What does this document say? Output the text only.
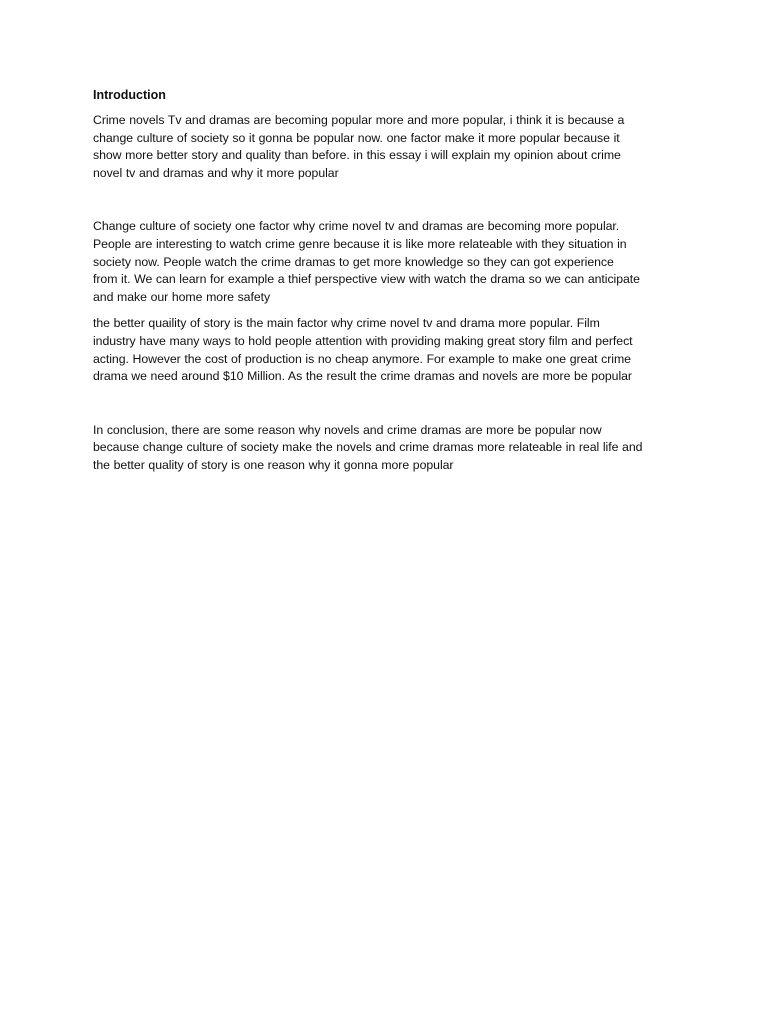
Introduction

Crime novels Tv and dramas are becoming popular more and more popular, i think it is because a
change culture of society so it gonna be popular now. one factor make it more popular because it
show more better story and quality than before. in this essay i will explain my opinion about crime
novel tv and dramas and why it more popular

Change culture of society one factor why crime novel tv and dramas are becoming more popular.
People are interesting to watch crime genre because it is like more relateable with they situation in
society now. People watch the crime dramas to get more knowledge so they can got experience
from it. We can learn for example a thief perspective view with watch the drama so we can anticipate
and make our home more safety

the better quaility of story is the main factor why crime novel tv and drama more popular. Film
industry have many ways to hold people attention with providing making great story film and perfect
acting. However the cost of production is no cheap anymore. For example to make one great crime
drama we need around $10 Million. As the result the crime dramas and novels are more be popular

In conclusion, there are some reason why novels and crime dramas are more be popular now
because change culture of society make the novels and crime dramas more relateable in real life and
the better quality of story is one reason why it gonna more popular
